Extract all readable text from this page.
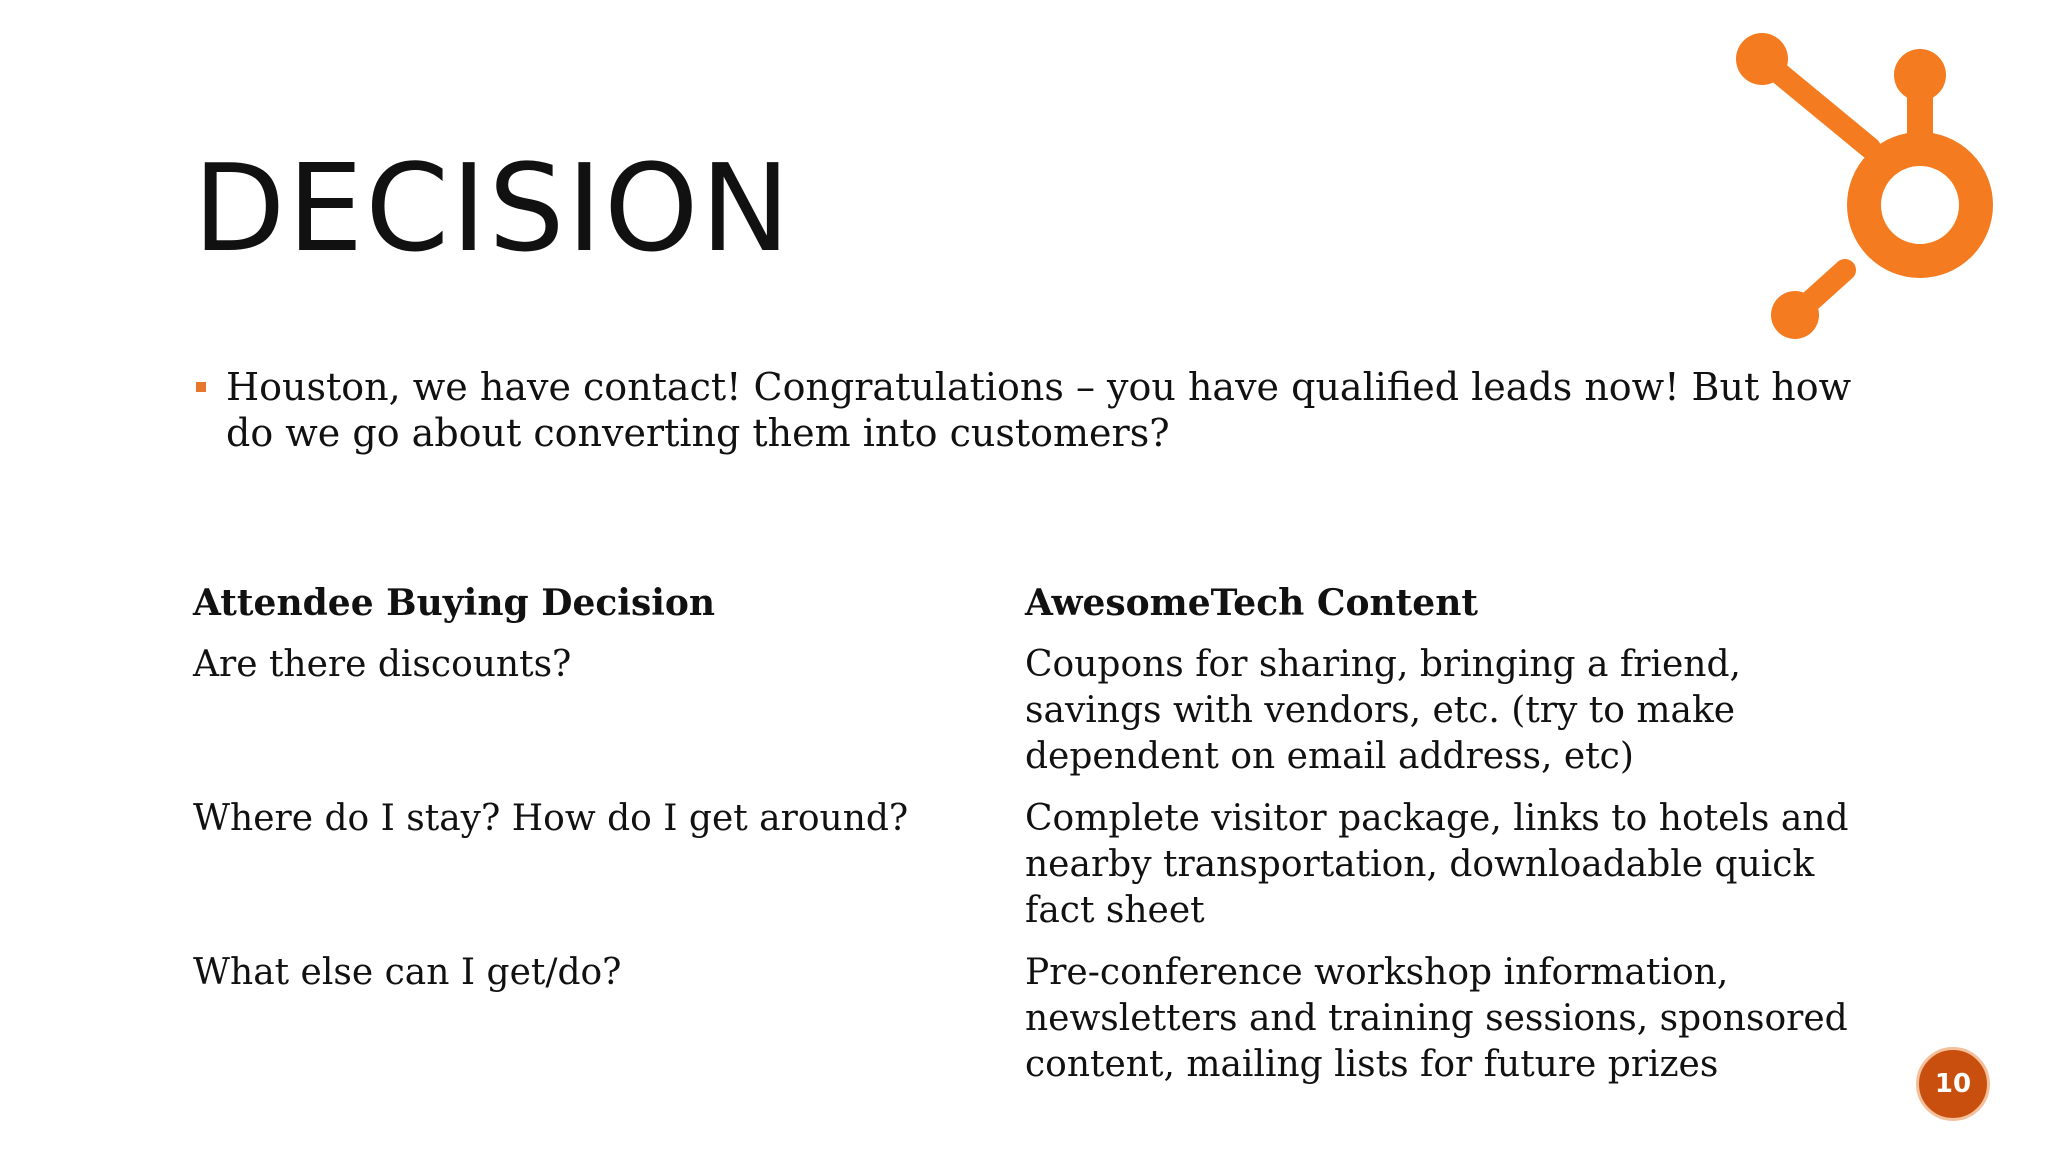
DECISION
Houston, we have contact! Congratulations – you have qualified leads now! But how do we go about converting them into customers?
Attendee Buying Decision	AwesomeTech Content
Are there discounts?	Coupons for sharing, bringing a friend, savings with vendors, etc. (try to make dependent on email address, etc)
Where do I stay? How do I get around?	Complete visitor package, links to hotels and nearby transportation, downloadable quick fact sheet
What else can I get/do?	Pre-conference workshop information, newsletters and training sessions, sponsored content, mailing lists for future prizes	10
